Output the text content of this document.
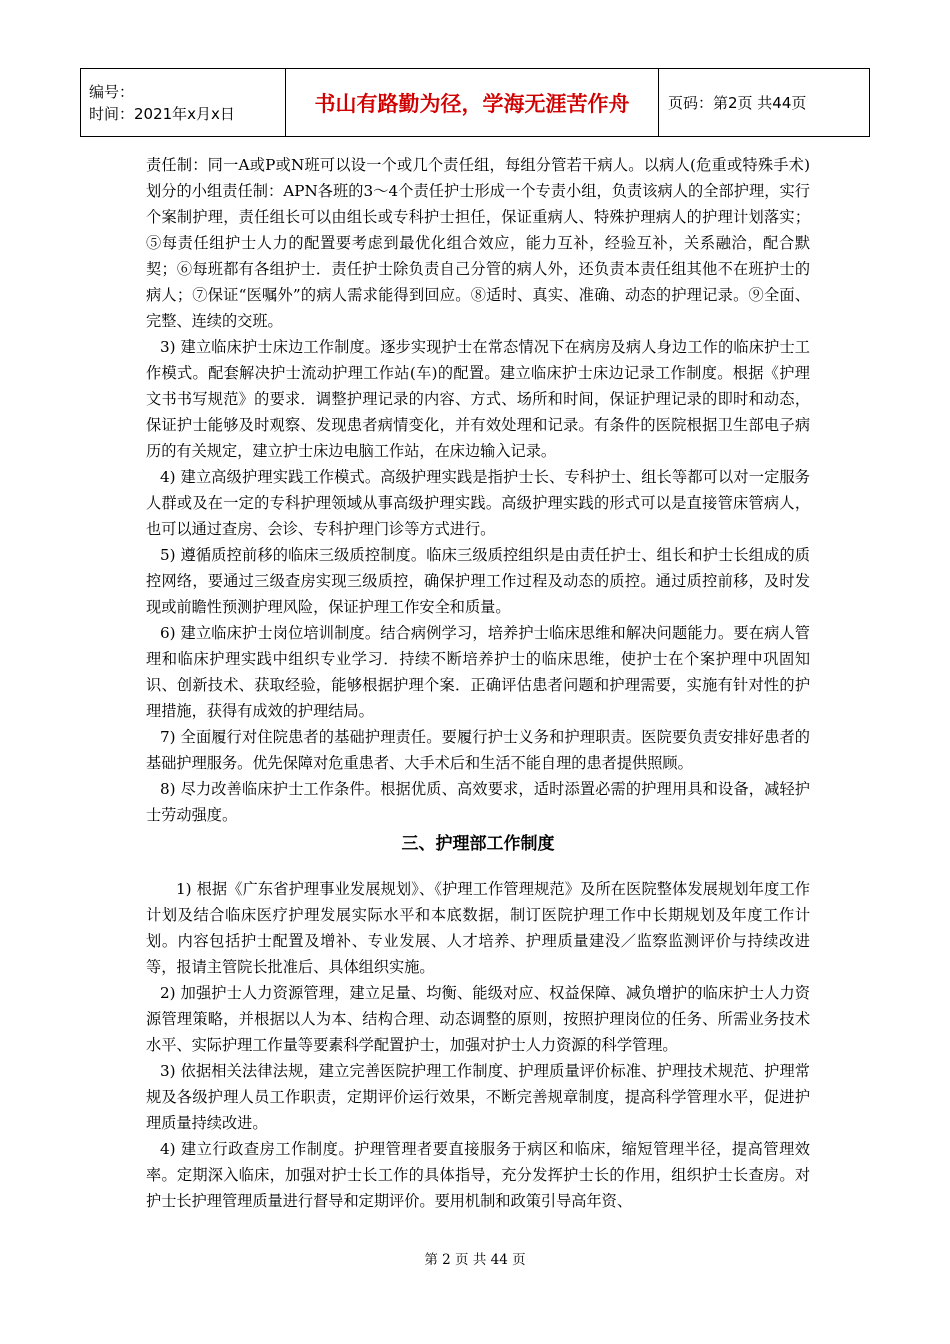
编号：
时间：2021年x月x日	书山有路勤为径，学海无涯苦作舟	页码：第2页 共44页

责任制：同一A或P或N班可以设一个或几个责任组，每组分管若干病人。以病人(危重或特殊手术)划分的小组责任制：APN各班的3～4个责任护士形成一个专责小组，负责该病人的全部护理，实行个案制护理，责任组长可以由组长或专科护士担任，保证重病人、特殊护理病人的护理计划落实；⑤每责任组护士人力的配置要考虑到最优化组合效应，能力互补，经验互补，关系融洽，配合默契；⑥每班都有各组护士．责任护士除负责自己分管的病人外，还负责本责任组其他不在班护士的病人；⑦保证“医嘱外”的病人需求能得到回应。⑧适时、真实、准确、动态的护理记录。⑨全面、完整、连续的交班。

3) 建立临床护士床边工作制度。逐步实现护士在常态情况下在病房及病人身边工作的临床护士工作模式。配套解决护士流动护理工作站(车)的配置。建立临床护士床边记录工作制度。根据《护理文书书写规范》的要求．调整护理记录的内容、方式、场所和时间，保证护理记录的即时和动态，保证护士能够及时观察、发现患者病情变化，并有效处理和记录。有条件的医院根据卫生部电子病历的有关规定，建立护士床边电脑工作站，在床边输入记录。

4) 建立高级护理实践工作模式。高级护理实践是指护士长、专科护士、组长等都可以对一定服务人群或及在一定的专科护理领域从事高级护理实践。高级护理实践的形式可以是直接管床管病人，也可以通过查房、会诊、专科护理门诊等方式进行。

5) 遵循质控前移的临床三级质控制度。临床三级质控组织是由责任护士、组长和护士长组成的质控网络，要通过三级查房实现三级质控，确保护理工作过程及动态的质控。通过质控前移，及时发现或前瞻性预测护理风险，保证护理工作安全和质量。

6) 建立临床护士岗位培训制度。结合病例学习，培养护士临床思维和解决问题能力。要在病人管理和临床护理实践中组织专业学习．持续不断培养护士的临床思维，使护士在个案护理中巩固知识、创新技术、获取经验，能够根据护理个案．正确评估患者问题和护理需要，实施有针对性的护理措施，获得有成效的护理结局。

7) 全面履行对住院患者的基础护理责任。要履行护士义务和护理职责。医院要负责安排好患者的基础护理服务。优先保障对危重患者、大手术后和生活不能自理的患者提供照顾。

8) 尽力改善临床护士工作条件。根据优质、高效要求，适时添置必需的护理用具和设备，减轻护士劳动强度。

三、护理部工作制度

1) 根据《广东省护理事业发展规划》、《护理工作管理规范》及所在医院整体发展规划年度工作计划及结合临床医疗护理发展实际水平和本底数据，制订医院护理工作中长期规划及年度工作计划。内容包括护士配置及增补、专业发展、人才培养、护理质量建没／监察监测评价与持续改进等，报请主管院长批准后、具体组织实施。

2) 加强护士人力资源管理，建立足量、均衡、能级对应、权益保障、减负增护的临床护士人力资源管理策略，并根据以人为本、结构合理、动态调整的原则，按照护理岗位的任务、所需业务技术水平、实际护理工作量等要素科学配置护士，加强对护士人力资源的科学管理。

3) 依据相关法律法规，建立完善医院护理工作制度、护理质量评价标准、护理技术规范、护理常规及各级护理人员工作职责，定期评价运行效果，不断完善规章制度，提高科学管理水平，促进护理质量持续改进。

4) 建立行政查房工作制度。护理管理者要直接服务于病区和临床，缩短管理半径，提高管理效率。定期深入临床，加强对护士长工作的具体指导，充分发挥护士长的作用，组织护士长查房。对护士长护理管理质量进行督导和定期评价。要用机制和政策引导高年资、

第 2 页 共 44 页
